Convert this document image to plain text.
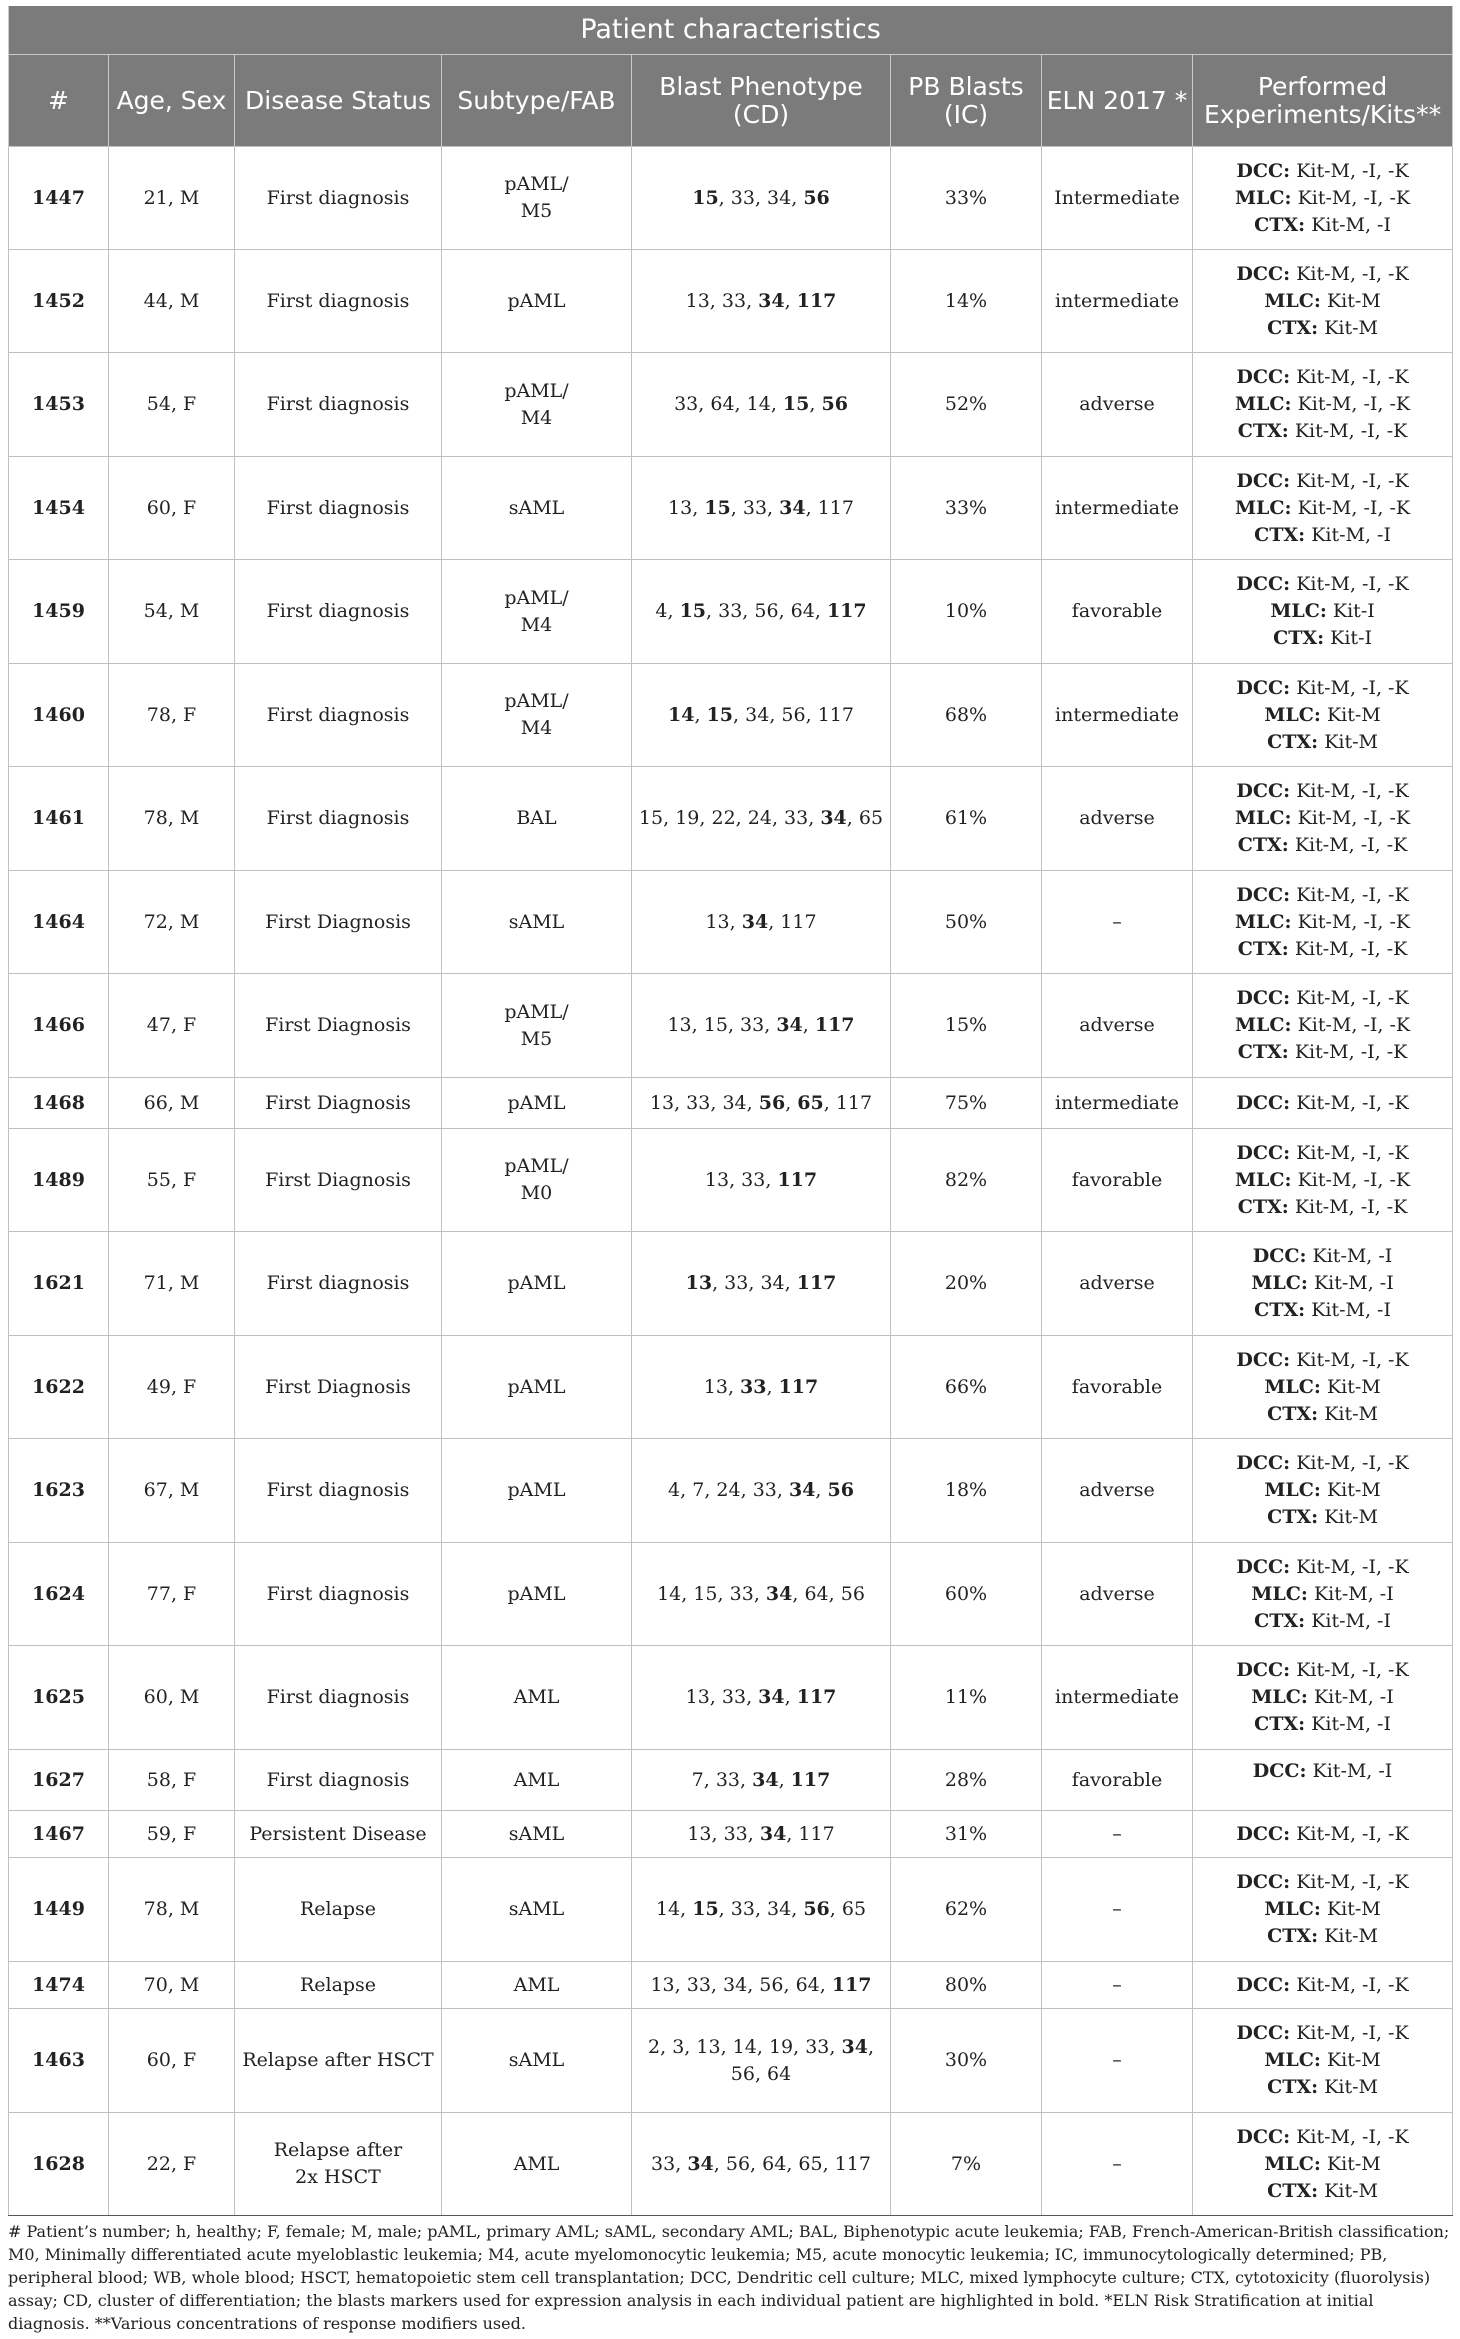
Patient characteristics							
#	Age, Sex	Disease Status	Subtype/FAB	Blast Phenotype (CD)	PB Blasts (IC)	ELN 2017 *	Performed Experiments/Kits**
1447	21, M	First diagnosis	pAML/
M5	15, 33, 34, 56	33%	Intermediate	DCC: Kit-M, -I, -K
MLC: Kit-M, -I, -K
CTX: Kit-M, -I
1452	44, M	First diagnosis	pAML	13, 33, 34, 117	14%	intermediate	DCC: Kit-M, -I, -K
MLC: Kit-M
CTX: Kit-M
1453	54, F	First diagnosis	pAML/
M4	33, 64, 14, 15, 56	52%	adverse	DCC: Kit-M, -I, -K
MLC: Kit-M, -I, -K
CTX: Kit-M, -I, -K
1454	60, F	First diagnosis	sAML	13, 15, 33, 34, 117	33%	intermediate	DCC: Kit-M, -I, -K
MLC: Kit-M, -I, -K
CTX: Kit-M, -I
1459	54, M	First diagnosis	pAML/
M4	4, 15, 33, 56, 64, 117	10%	favorable	DCC: Kit-M, -I, -K
MLC: Kit-I
CTX: Kit-I
1460	78, F	First diagnosis	pAML/
M4	14, 15, 34, 56, 117	68%	intermediate	DCC: Kit-M, -I, -K
MLC: Kit-M
CTX: Kit-M
1461	78, M	First diagnosis	BAL	15, 19, 22, 24, 33, 34, 65	61%	adverse	DCC: Kit-M, -I, -K
MLC: Kit-M, -I, -K
CTX: Kit-M, -I, -K
1464	72, M	First Diagnosis	sAML	13, 34, 117	50%	–	DCC: Kit-M, -I, -K
MLC: Kit-M, -I, -K
CTX: Kit-M, -I, -K
1466	47, F	First Diagnosis	pAML/
M5	13, 15, 33, 34, 117	15%	adverse	DCC: Kit-M, -I, -K
MLC: Kit-M, -I, -K
CTX: Kit-M, -I, -K
1468	66, M	First Diagnosis	pAML	13, 33, 34, 56, 65, 117	75%	intermediate	DCC: Kit-M, -I, -K
1489	55, F	First Diagnosis	pAML/
M0	13, 33, 117	82%	favorable	DCC: Kit-M, -I, -K
MLC: Kit-M, -I, -K
CTX: Kit-M, -I, -K
1621	71, M	First diagnosis	pAML	13, 33, 34, 117	20%	adverse	DCC: Kit-M, -I
MLC: Kit-M, -I
CTX: Kit-M, -I
1622	49, F	First Diagnosis	pAML	13, 33, 117	66%	favorable	DCC: Kit-M, -I, -K
MLC: Kit-M
CTX: Kit-M
1623	67, M	First diagnosis	pAML	4, 7, 24, 33, 34, 56	18%	adverse	DCC: Kit-M, -I, -K
MLC: Kit-M
CTX: Kit-M
1624	77, F	First diagnosis	pAML	14, 15, 33, 34, 64, 56	60%	adverse	DCC: Kit-M, -I, -K
MLC: Kit-M, -I
CTX: Kit-M, -I
1625	60, M	First diagnosis	AML	13, 33, 34, 117	11%	intermediate	DCC: Kit-M, -I, -K
MLC: Kit-M, -I
CTX: Kit-M, -I
1627	58, F	First diagnosis	AML	7, 33, 34, 117	28%	favorable	DCC: Kit-M, -I
1467	59, F	Persistent Disease	sAML	13, 33, 34, 117	31%	–	DCC: Kit-M, -I, -K
1449	78, M	Relapse	sAML	14, 15, 33, 34, 56, 65	62%	–	DCC: Kit-M, -I, -K
MLC: Kit-M
CTX: Kit-M
1474	70, M	Relapse	AML	13, 33, 34, 56, 64, 117	80%	–	DCC: Kit-M, -I, -K
1463	60, F	Relapse after HSCT	sAML	2, 3, 13, 14, 19, 33, 34,
56, 64	30%	–	DCC: Kit-M, -I, -K
MLC: Kit-M
CTX: Kit-M
1628	22, F	Relapse after
2x HSCT	AML	33, 34, 56, 64, 65, 117	7%	–	DCC: Kit-M, -I, -K
MLC: Kit-M
CTX: Kit-M
# Patient’s number; h, healthy; F, female; M, male; pAML, primary AML; sAML, secondary AML; BAL, Biphenotypic acute leukemia; FAB, French-American-British classification; M0, Minimally differentiated acute myeloblastic leukemia; M4, acute myelomonocytic leukemia; M5, acute monocytic leukemia; IC, immunocytologically determined; PB, peripheral blood; WB, whole blood; HSCT, hematopoietic stem cell transplantation; DCC, Dendritic cell culture; MLC, mixed lymphocyte culture; CTX, cytotoxicity (fluorolysis) assay; CD, cluster of differentiation; the blasts markers used for expression analysis in each individual patient are highlighted in bold. *ELN Risk Stratification at initial diagnosis. **Various concentrations of response modifiers used.
